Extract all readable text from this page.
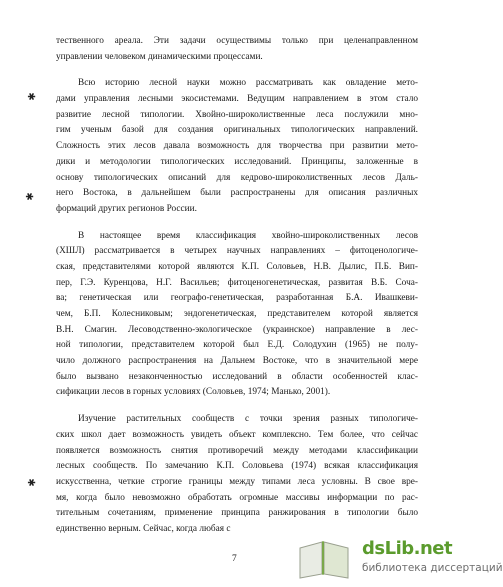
тественного ареала. Эти задачи осуществимы только при целенаправленном
управлении человеком динамическими процессами.
Всю историю лесной науки можно рассматривать как овладение мето-
дами управления лесными экосистемами. Ведущим направлением в этом стало
развитие лесной типологии. Хвойно-широколиственные леса послужили мно-
гим ученым базой для создания оригинальных типологических направлений.
Сложность этих лесов давала возможность для творчества при развитии мето-
дики и методологии типологических исследований. Принципы, заложенные в
основу типологических описаний для кедрово-широколиственных лесов Даль-
него Востока, в дальнейшем были распространены для описания различных
формаций других регионов России.
В настоящее время классификация хвойно-широколиственных лесов
(ХШЛ) рассматривается в четырех научных направлениях – фитоценологиче-
ская, представителями которой являются К.П. Соловьев, Н.В. Дылис, П.Б. Вип-
пер, Г.Э. Куренцова, Н.Г. Васильев; фитоценогенетическая, развитая В.Б. Соча-
ва; генетическая или географо-генетическая, разработанная Б.А. Ивашкеви-
чем, Б.П. Колесниковым; эндогенетическая, представителем которой является
В.Н. Смагин. Лесоводственно-экологическое (украинское) направление в лес-
ной типологии, представителем которой был Е.Д. Солодухин (1965) не полу-
чило должного распространения на Дальнем Востоке, что в значительной мере
было вызвано незаконченностью исследований в области особенностей клас-
сификации лесов в горных условиях (Соловьев, 1974; Манько, 2001).
Изучение растительных сообществ с точки зрения разных типологиче-
ских школ дает возможность увидеть объект комплексно. Тем более, что сейчас
появляется возможность снятия противоречий между методами классификации
лесных сообществ. По замечанию К.П. Соловьева (1974) всякая классификация
искусственна, четкие строгие границы между типами леса условны. В свое вре-
мя, когда было невозможно обработать огромные массивы информации по рас-
тительным сочетаниям, применение принципа ранжирования в типологии было
единственно верным. Сейчас, когда любая с
✱
✱
✱
7	dsLib.net
библиотека диссертаций
